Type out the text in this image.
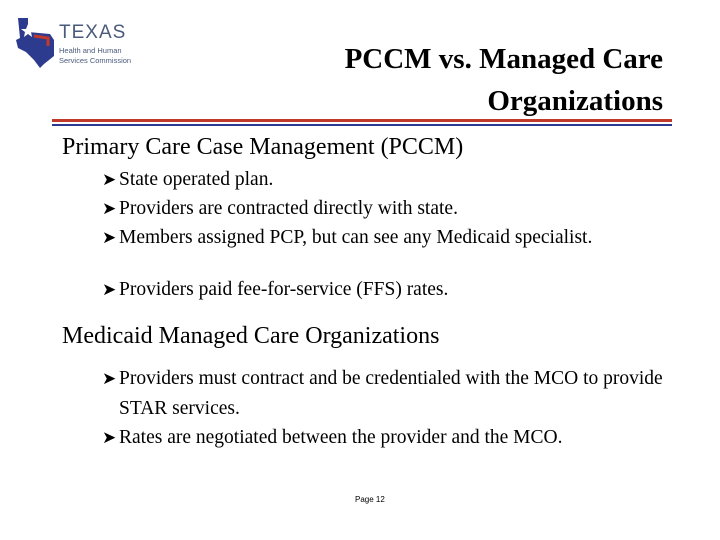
TEXAS
Health and Human Services Commission	PCCM vs. Managed Care Organizations
Primary Care Case Management (PCCM)
➤ State operated plan.
➤ Providers are contracted directly with state.
➤ Members assigned PCP, but can see any Medicaid specialist.
➤ Providers paid fee-for-service (FFS) rates.
Medicaid Managed Care Organizations
➤ Providers must contract and be credentialed with the MCO to provide STAR services.
➤ Rates are negotiated between the provider and the MCO.
Page 12
